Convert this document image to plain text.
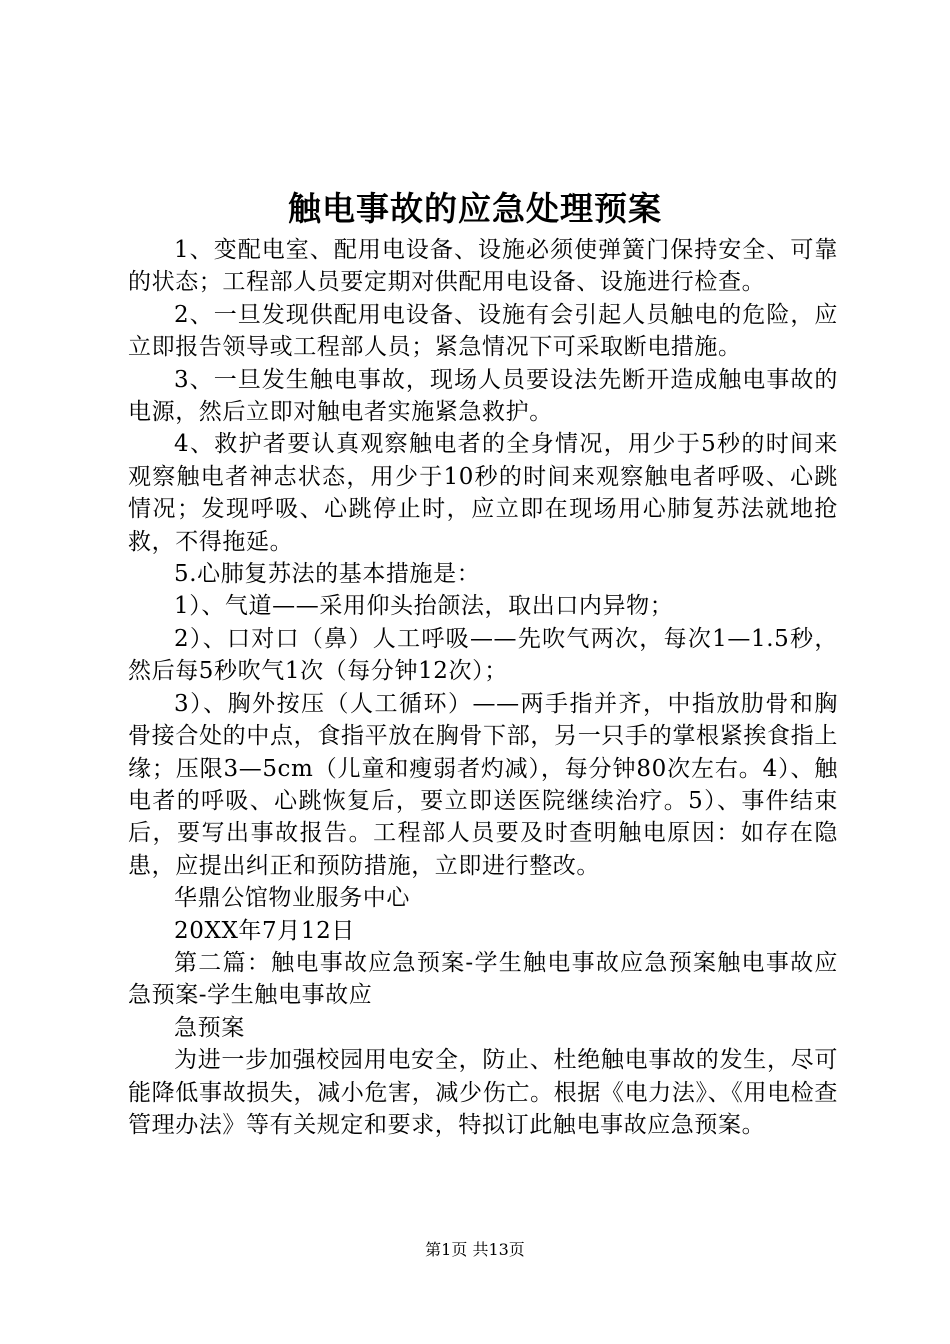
触电事故的应急处理预案

1、变配电室、配用电设备、设施必须使弹簧门保持安全、可靠的状态；工程部人员要定期对供配用电设备、设施进行检查。

2、一旦发现供配用电设备、设施有会引起人员触电的危险，应立即报告领导或工程部人员；紧急情况下可采取断电措施。

3、一旦发生触电事故，现场人员要设法先断开造成触电事故的电源，然后立即对触电者实施紧急救护。

4、救护者要认真观察触电者的全身情况，用少于5秒的时间来观察触电者神志状态，用少于10秒的时间来观察触电者呼吸、心跳情况；发现呼吸、心跳停止时，应立即在现场用心肺复苏法就地抢救，不得拖延。

5.心肺复苏法的基本措施是：

1）、气道——采用仰头抬颌法，取出口内异物；

2）、口对口（鼻）人工呼吸——先吹气两次，每次1—1.5秒，然后每5秒吹气1次（每分钟12次）；

3）、胸外按压（人工循环）——两手指并齐，中指放肋骨和胸骨接合处的中点，食指平放在胸骨下部，另一只手的掌根紧挨食指上缘；压限3—5cm（儿童和瘦弱者灼减），每分钟80次左右。4）、触电者的呼吸、心跳恢复后，要立即送医院继续治疗。5）、事件结束后，要写出事故报告。工程部人员要及时查明触电原因：如存在隐患，应提出纠正和预防措施，立即进行整改。

华鼎公馆物业服务中心

20XX年7月12日

第二篇：触电事故应急预案-学生触电事故应急预案触电事故应急预案-学生触电事故应

急预案

为进一步加强校园用电安全，防止、杜绝触电事故的发生，尽可能降低事故损失，减小危害，减少伤亡。根据《电力法》、《用电检查管理办法》等有关规定和要求，特拟订此触电事故应急预案。

第1页 共13页
